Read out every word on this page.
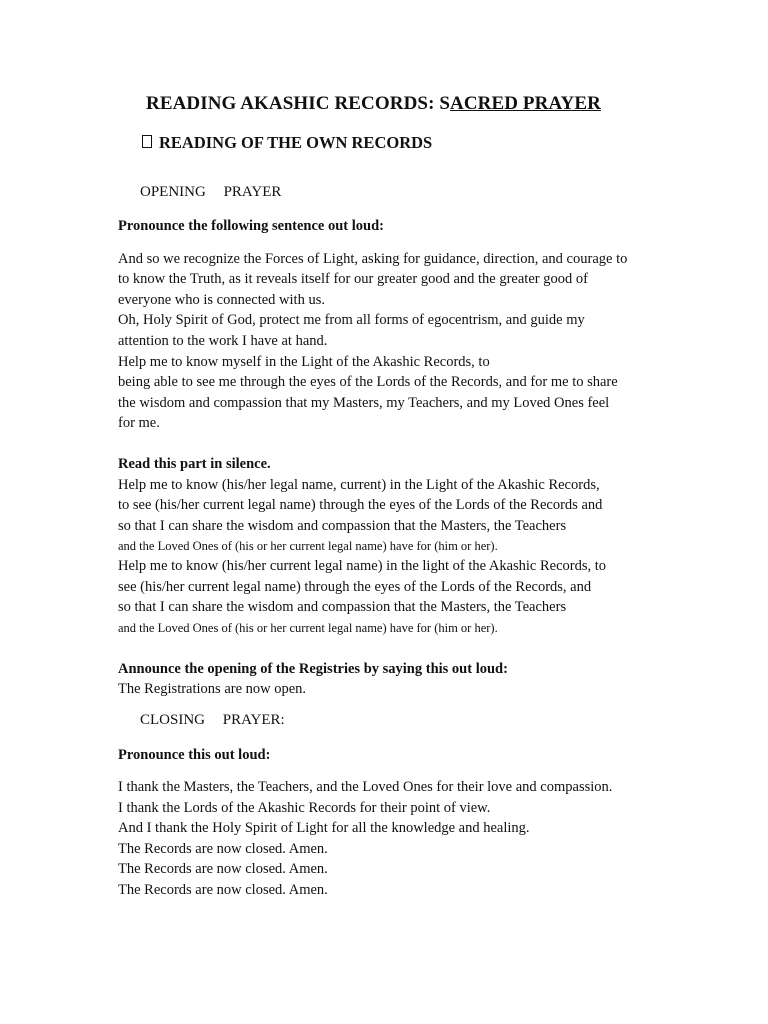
READING AKASHIC RECORDS: SACRED PRAYER
READING OF THE OWN RECORDS
OPENING PRAYER
Pronounce the following sentence out loud:
And so we recognize the Forces of Light, asking for guidance, direction, and courage to
to know the Truth, as it reveals itself for our greater good and the greater good of
everyone who is connected with us.
Oh, Holy Spirit of God, protect me from all forms of egocentrism, and guide my
attention to the work I have at hand.
Help me to know myself in the Light of the Akashic Records, to
being able to see me through the eyes of the Lords of the Records, and for me to share
the wisdom and compassion that my Masters, my Teachers, and my Loved Ones feel
for me.
Read this part in silence.
Help me to know (his/her legal name, current) in the Light of the Akashic Records,
to see (his/her current legal name) through the eyes of the Lords of the Records and
so that I can share the wisdom and compassion that the Masters, the Teachers
and the Loved Ones of (his or her current legal name) have for (him or her).
Help me to know (his/her current legal name) in the light of the Akashic Records, to
see (his/her current legal name) through the eyes of the Lords of the Records, and
so that I can share the wisdom and compassion that the Masters, the Teachers
and the Loved Ones of (his or her current legal name) have for (him or her).
Announce the opening of the Registries by saying this out loud:
The Registrations are now open.
CLOSING PRAYER:
Pronounce this out loud:
I thank the Masters, the Teachers, and the Loved Ones for their love and compassion.
I thank the Lords of the Akashic Records for their point of view.
And I thank the Holy Spirit of Light for all the knowledge and healing.
The Records are now closed. Amen.
The Records are now closed. Amen.
The Records are now closed. Amen.
